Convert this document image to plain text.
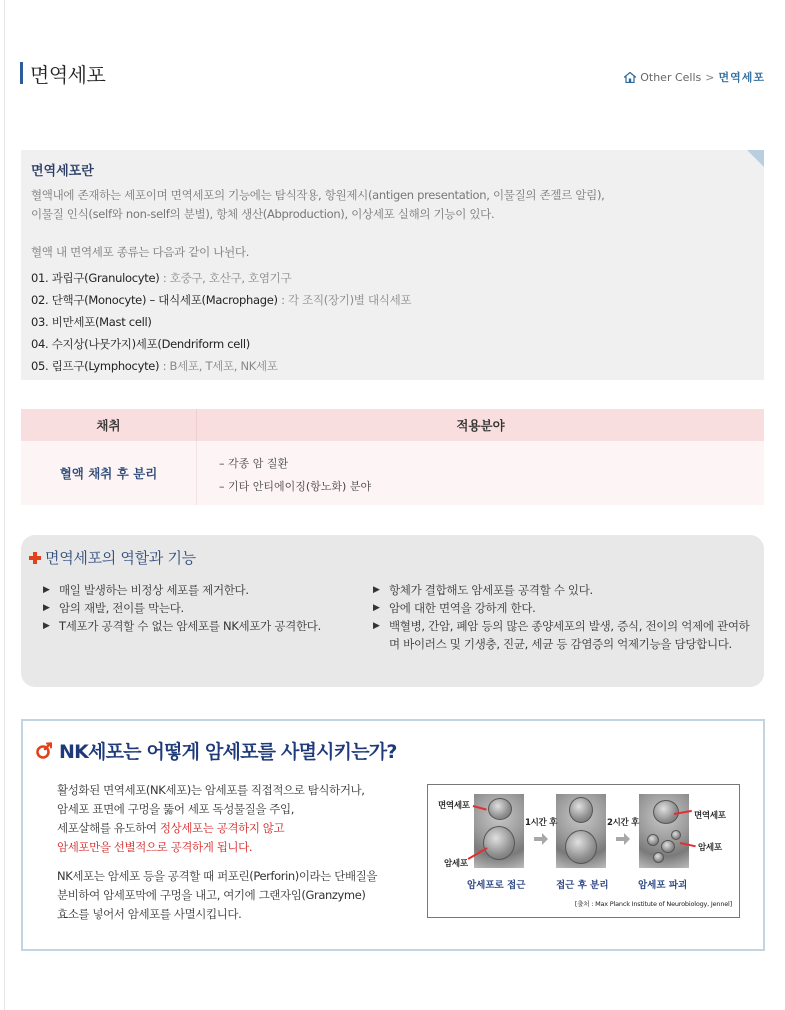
면역세포	Other Cells > 면역세포
면역세포란
혈액내에 존재하는 세포이며 면역세포의 기능에는 탐식작용, 항원제시(antigen presentation, 이물질의 존젤르 알림),
이물질 인식(self와 non-self의 분별), 항체 생산(Abproduction), 이상세포 실해의 기능이 있다.
혈액 내 면역세포 종류는 다음과 같이 나뉜다.
01. 과립구(Granulocyte) : 호중구, 호산구, 호염기구
02. 단핵구(Monocyte) – 대식세포(Macrophage) : 각 조직(장기)별 대식세포
03. 비만세포(Mast cell)
04. 수지상(나뭇가지)세포(Dendriform cell)
05. 림프구(Lymphocyte) : B세포, T세포, NK세포
채취	적용분야
혈액 채취 후 분리
– 각종 암 질환
– 기타 안티에이징(항노화) 분야
면역세포의 역할과 기능
▶ 매일 발생하는 비정상 세포를 제거한다.
▶ 암의 재발, 전이를 막는다.
▶ T세포가 공격할 수 없는 암세포를 NK세포가 공격한다.
▶ 항체가 결합해도 암세포를 공격할 수 있다.
▶ 암에 대한 면역을 강하게 한다.
▶ 백혈병, 간암, 폐암 등의 많은 종양세포의 발생, 증식, 전이의 억제에 관여하며 바이러스 및 기생충, 진균, 세균 등 감염증의 억제기능을 담당합니다.
NK세포는 어떻게 암세포를 사멸시키는가?
활성화된 면역세포(NK세포)는 암세포를 직접적으로 탐식하거나,
암세포 표면에 구멍을 뚫어 세포 독성물질을 주입,
세포살해를 유도하여 정상세포는 공격하지 않고
암세포만을 선별적으로 공격하게 됩니다.
NK세포는 암세포 등을 공격할 때 퍼포린(Perforin)이라는 단배질을
분비하여 암세포막에 구멍을 내고, 여기에 그랜자임(Granzyme)
효소를 넣어서 암세포를 사멸시킵니다.
면역세포
암세포
1시간 후	2시간 후
면역세포
암세포
암세포로 접근	접근 후 분리	암세포 파괴
[출처 : Max Planck Institute of Neurobiology, Jennel]
